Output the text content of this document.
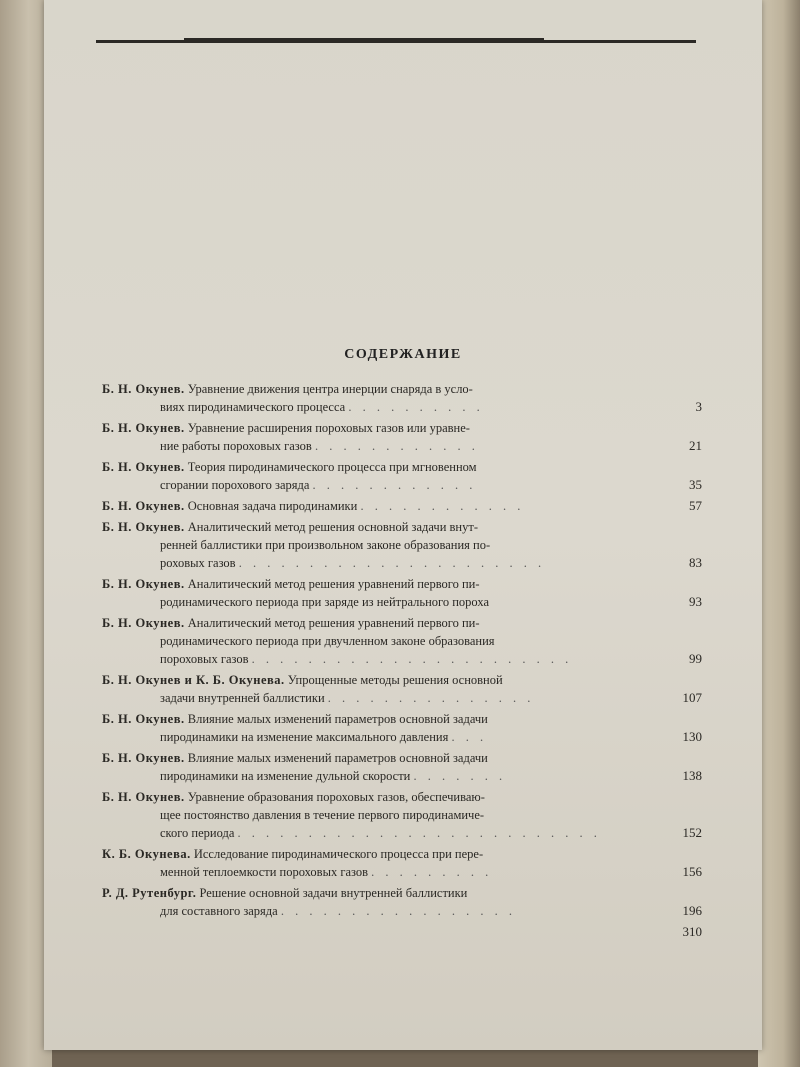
СОДЕРЖАНИЕ
Б. Н. Окунев. Уравнение движения центра инерции снаряда в усло-
виях пиродинамического процесса . . . . . . . . . .	3
Б. Н. Окунев. Уравнение расширения пороховых газов или уравне-
ние работы пороховых газов . . . . . . . . . . . .	21
Б. Н. Окунев. Теория пиродинамического процесса при мгновенном
сгорании порохового заряда . . . . . . . . . . . .	35
Б. Н. Окунев. Основная задача пиродинамики . . . . . . . . . . . .	57
Б. Н. Окунев. Аналитический метод решения основной задачи внут-
ренней баллистики при произвольном законе образования по-
роховых газов . . . . . . . . . . . . . . . . . . . . . .	83
Б. Н. Окунев. Аналитический метод решения уравнений первого пи-
родинамического периода при заряде из нейтрального пороха	93
Б. Н. Окунев. Аналитический метод решения уравнений первого пи-
родинамического периода при двучленном законе образования
пороховых газов . . . . . . . . . . . . . . . . . . . . . . .	99
Б. Н. Окунев и К. Б. Окунева. Упрощенные методы решения основной
задачи внутренней баллистики . . . . . . . . . . . . . . .	107
Б. Н. Окунев. Влияние малых изменений параметров основной задачи
пиродинамики на изменение максимального давления . . .	130
Б. Н. Окунев. Влияние малых изменений параметров основной задачи
пиродинамики на изменение дульной скорости . . . . . . .	138
Б. Н. Окунев. Уравнение образования пороховых газов, обеспечиваю-
щее постоянство давления в течение первого пиродинамиче-
ского периода . . . . . . . . . . . . . . . . . . . . . . . . . .	152
К. Б. Окунева. Исследование пиродинамического процесса при пере-
менной теплоемкости пороховых газов . . . . . . . . .	156
Р. Д. Рутенбург. Решение основной задачи внутренней баллистики
для составного заряда . . . . . . . . . . . . . . . . .	196
310
